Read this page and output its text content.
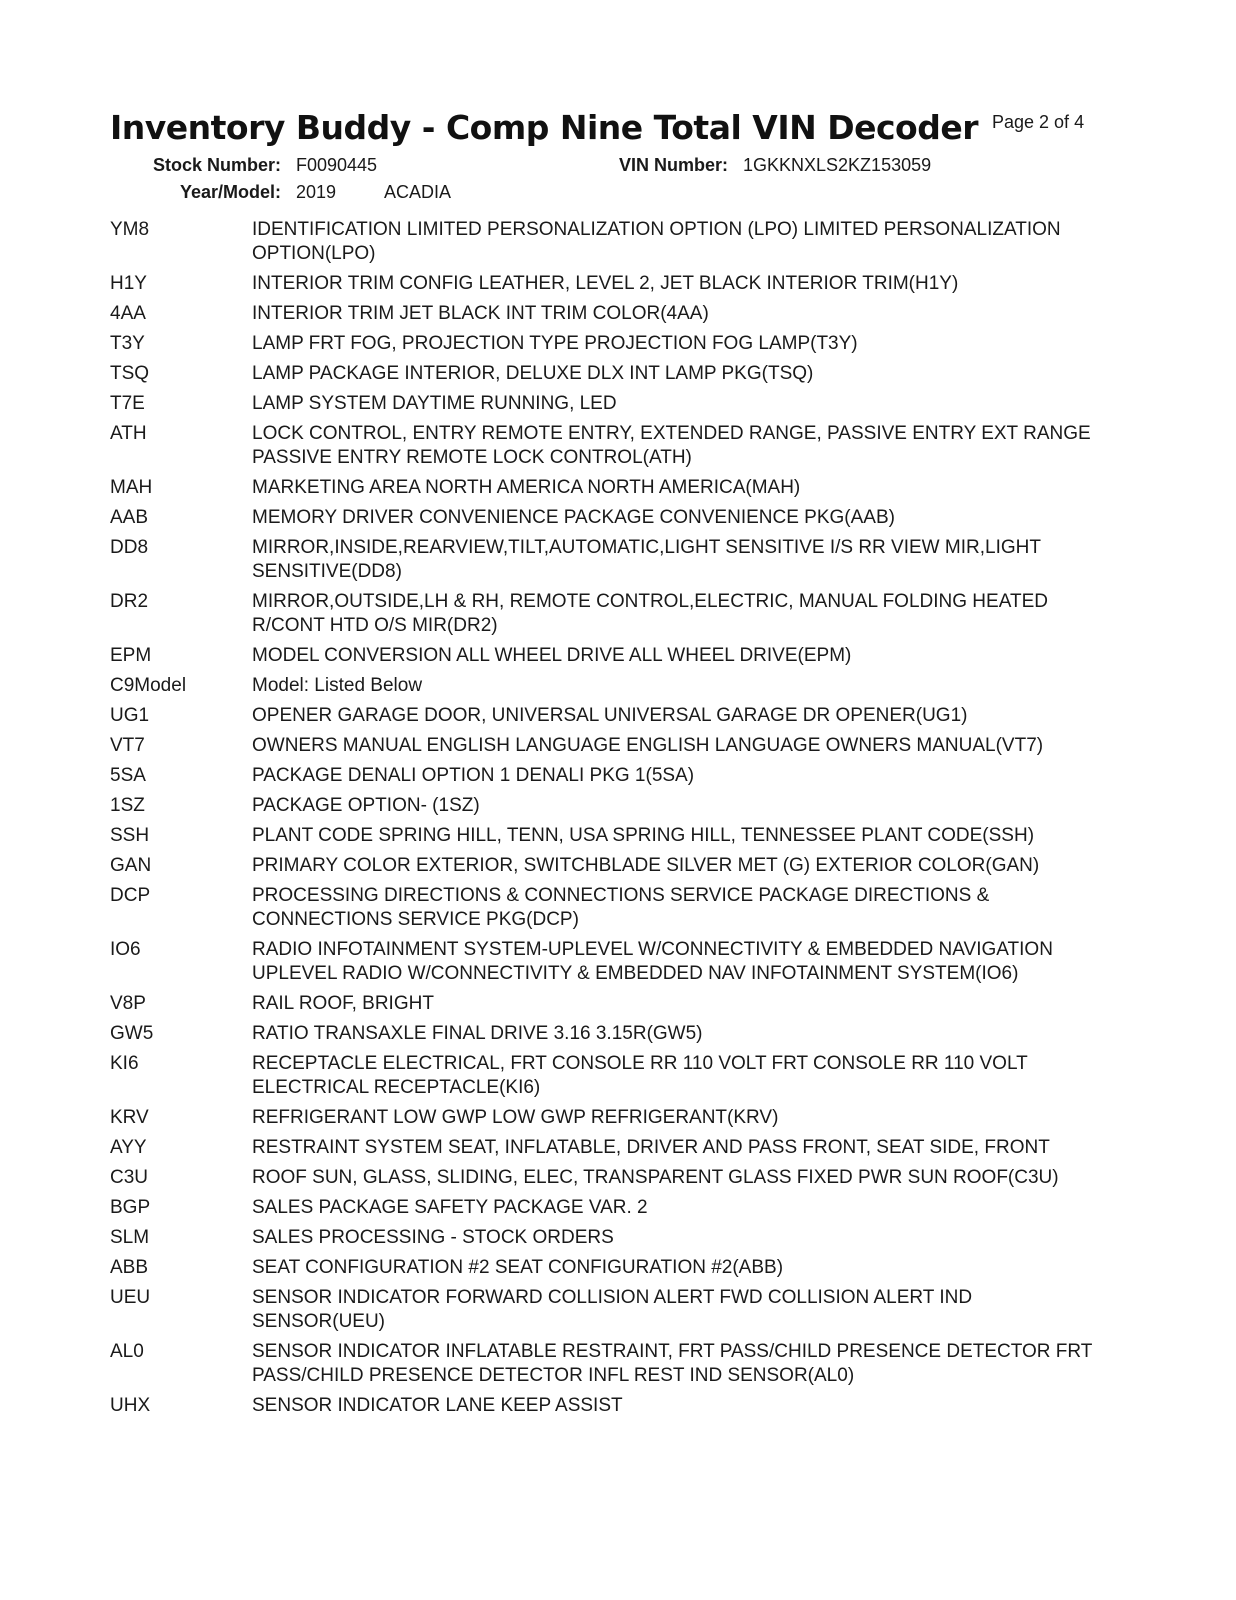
Inventory Buddy - Comp Nine Total VIN Decoder Page 2 of 4
Stock Number: F0090445	VIN Number: 1GKKNXLS2KZ153059
Year/Model: 2019	ACADIA
YM8	IDENTIFICATION LIMITED PERSONALIZATION OPTION (LPO) LIMITED PERSONALIZATION OPTION(LPO)
H1Y	INTERIOR TRIM CONFIG LEATHER, LEVEL 2, JET BLACK INTERIOR TRIM(H1Y)
4AA	INTERIOR TRIM JET BLACK INT TRIM COLOR(4AA)
T3Y	LAMP FRT FOG, PROJECTION TYPE PROJECTION FOG LAMP(T3Y)
TSQ	LAMP PACKAGE INTERIOR, DELUXE DLX INT LAMP PKG(TSQ)
T7E	LAMP SYSTEM DAYTIME RUNNING, LED
ATH	LOCK CONTROL, ENTRY REMOTE ENTRY, EXTENDED RANGE, PASSIVE ENTRY EXT RANGE PASSIVE ENTRY REMOTE LOCK CONTROL(ATH)
MAH	MARKETING AREA NORTH AMERICA NORTH AMERICA(MAH)
AAB	MEMORY DRIVER CONVENIENCE PACKAGE CONVENIENCE PKG(AAB)
DD8	MIRROR,INSIDE,REARVIEW,TILT,AUTOMATIC,LIGHT SENSITIVE I/S RR VIEW MIR,LIGHT SENSITIVE(DD8)
DR2	MIRROR,OUTSIDE,LH & RH, REMOTE CONTROL,ELECTRIC, MANUAL FOLDING HEATED R/CONT HTD O/S MIR(DR2)
EPM	MODEL CONVERSION ALL WHEEL DRIVE ALL WHEEL DRIVE(EPM)
C9Model	Model: Listed Below
UG1	OPENER GARAGE DOOR, UNIVERSAL UNIVERSAL GARAGE DR OPENER(UG1)
VT7	OWNERS MANUAL ENGLISH LANGUAGE ENGLISH LANGUAGE OWNERS MANUAL(VT7)
5SA	PACKAGE DENALI OPTION 1 DENALI PKG 1(5SA)
1SZ	PACKAGE OPTION- (1SZ)
SSH	PLANT CODE SPRING HILL, TENN, USA SPRING HILL, TENNESSEE PLANT CODE(SSH)
GAN	PRIMARY COLOR EXTERIOR, SWITCHBLADE SILVER MET (G) EXTERIOR COLOR(GAN)
DCP	PROCESSING DIRECTIONS & CONNECTIONS SERVICE PACKAGE DIRECTIONS & CONNECTIONS SERVICE PKG(DCP)
IO6	RADIO INFOTAINMENT SYSTEM-UPLEVEL W/CONNECTIVITY & EMBEDDED NAVIGATION UPLEVEL RADIO W/CONNECTIVITY & EMBEDDED NAV INFOTAINMENT SYSTEM(IO6)
V8P	RAIL ROOF, BRIGHT
GW5	RATIO TRANSAXLE FINAL DRIVE 3.16 3.15R(GW5)
KI6	RECEPTACLE ELECTRICAL, FRT CONSOLE RR 110 VOLT FRT CONSOLE RR 110 VOLT ELECTRICAL RECEPTACLE(KI6)
KRV	REFRIGERANT LOW GWP LOW GWP REFRIGERANT(KRV)
AYY	RESTRAINT SYSTEM SEAT, INFLATABLE, DRIVER AND PASS FRONT, SEAT SIDE, FRONT
C3U	ROOF SUN, GLASS, SLIDING, ELEC, TRANSPARENT GLASS FIXED PWR SUN ROOF(C3U)
BGP	SALES PACKAGE SAFETY PACKAGE VAR. 2
SLM	SALES PROCESSING - STOCK ORDERS
ABB	SEAT CONFIGURATION #2 SEAT CONFIGURATION #2(ABB)
UEU	SENSOR INDICATOR FORWARD COLLISION ALERT FWD COLLISION ALERT IND SENSOR(UEU)
AL0	SENSOR INDICATOR INFLATABLE RESTRAINT, FRT PASS/CHILD PRESENCE DETECTOR FRT PASS/CHILD PRESENCE DETECTOR INFL REST IND SENSOR(AL0)
UHX	SENSOR INDICATOR LANE KEEP ASSIST
